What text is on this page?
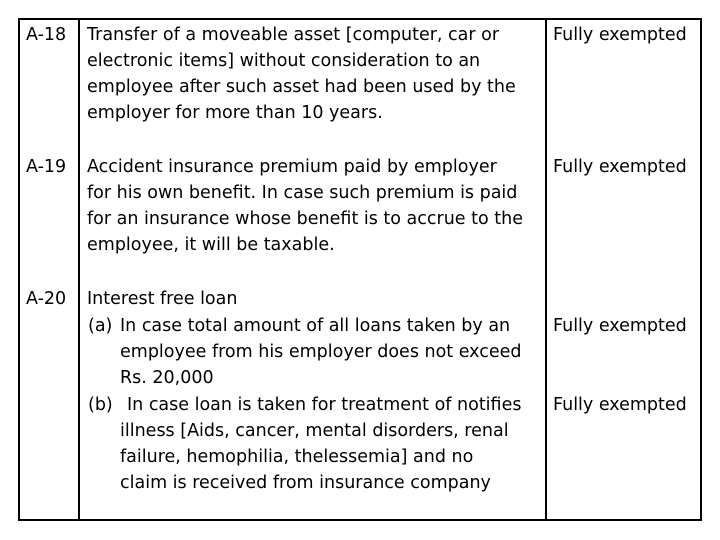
A-18 Transfer of a moveable asset [computer, car or
electronic items] without consideration to an
employee after such asset had been used by the
employer for more than 10 years.
Fully exempted
A-19 Accident insurance premium paid by employer
for his own benefit. In case such premium is paid
for an insurance whose benefit is to accrue to the
employee, it will be taxable.
Fully exempted
A-20 Interest free loan
(a) In case total amount of all loans taken by an
employee from his employer does not exceed
Rs. 20,000
Fully exempted
(b) In case loan is taken for treatment of notifies
illness [Aids, cancer, mental disorders, renal
failure, hemophilia, thelessemia] and no
claim is received from insurance company
Fully exempted
